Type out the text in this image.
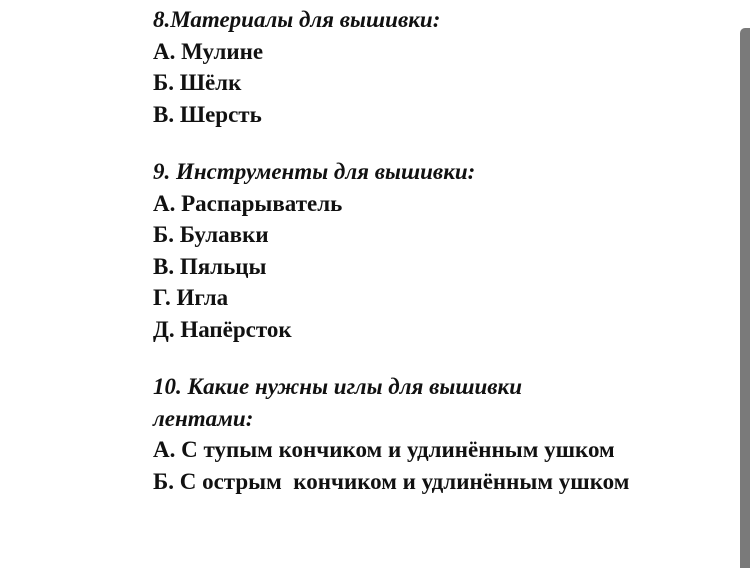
8.Материалы для вышивки:

А. Мулине

Б. Шёлк

В. Шерсть

9. Инструменты для вышивки:

А. Распарыватель

Б. Булавки

В. Пяльцы

Г. Игла

Д. Напёрсток

10. Какие нужны иглы для вышивки лентами:

А. С тупым кончиком и удлинённым ушком

Б. С острым  кончиком и удлинённым ушком
